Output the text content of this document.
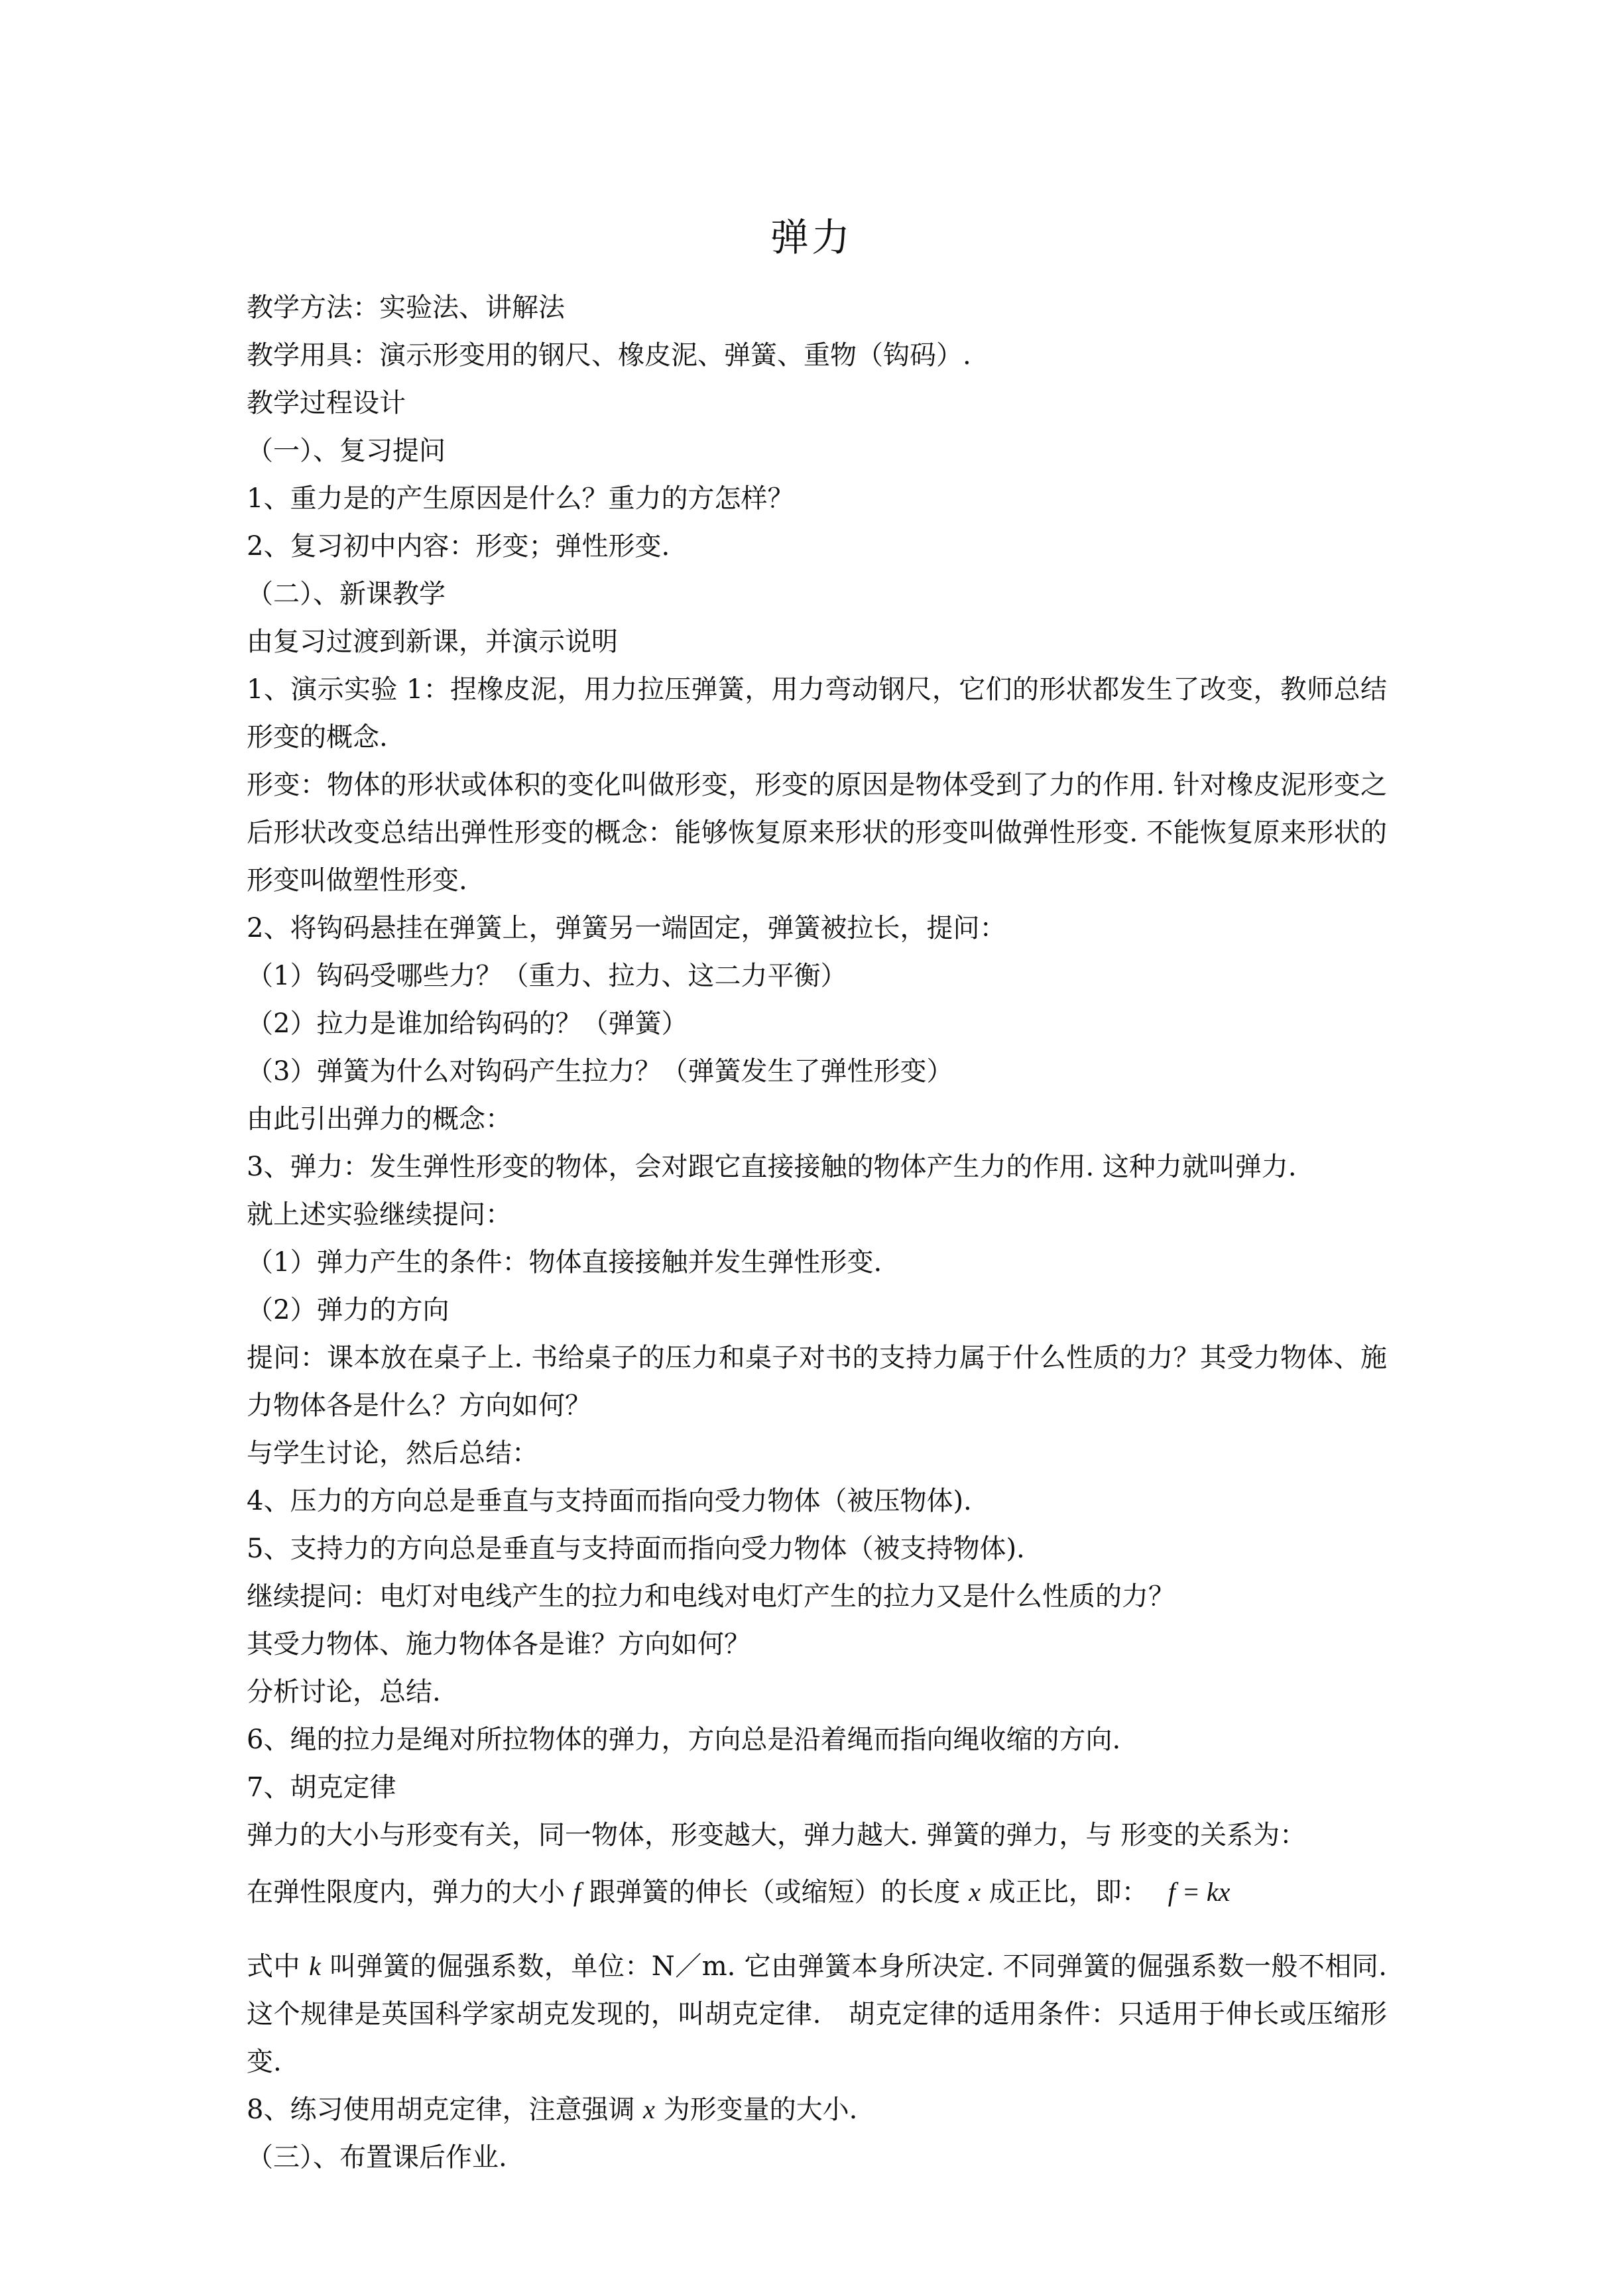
弹力
教学方法：实验法、讲解法
教学用具：演示形变用的钢尺、橡皮泥、弹簧、重物（钩码）.
教学过程设计
（一）、复习提问
1、重力是的产生原因是什么？重力的方怎样？
2、复习初中内容：形变；弹性形变.
（二）、新课教学
由复习过渡到新课，并演示说明
1、演示实验 1：捏橡皮泥，用力拉压弹簧，用力弯动钢尺，它们的形状都发生了改变，教师总结形变的概念.
形变：物体的形状或体积的变化叫做形变，形变的原因是物体受到了力的作用. 针对橡皮泥形变之后形状改变总结出弹性形变的概念：能够恢复原来形状的形变叫做弹性形变. 不能恢复原来形状的形变叫做塑性形变.
2、将钩码悬挂在弹簧上，弹簧另一端固定，弹簧被拉长，提问：
（1）钩码受哪些力？（重力、拉力、这二力平衡）
（2）拉力是谁加给钩码的？（弹簧）
（3）弹簧为什么对钩码产生拉力？（弹簧发生了弹性形变）
由此引出弹力的概念：
3、弹力：发生弹性形变的物体，会对跟它直接接触的物体产生力的作用. 这种力就叫弹力.
就上述实验继续提问：
（1）弹力产生的条件：物体直接接触并发生弹性形变.
（2）弹力的方向
提问：课本放在桌子上. 书给桌子的压力和桌子对书的支持力属于什么性质的力？其受力物体、施力物体各是什么？方向如何？
与学生讨论，然后总结：
4、压力的方向总是垂直与支持面而指向受力物体（被压物体).
5、支持力的方向总是垂直与支持面而指向受力物体（被支持物体).
继续提问：电灯对电线产生的拉力和电线对电灯产生的拉力又是什么性质的力？
其受力物体、施力物体各是谁？方向如何？
分析讨论，总结.
6、绳的拉力是绳对所拉物体的弹力，方向总是沿着绳而指向绳收缩的方向.
7、胡克定律
弹力的大小与形变有关，同一物体，形变越大，弹力越大. 弹簧的弹力，与 形变的关系为：
在弹性限度内，弹力的大小 f 跟弹簧的伸长（或缩短）的长度 x 成正比，即： f = kx
式中 k 叫弹簧的倔强系数，单位：N／m. 它由弹簧本身所决定. 不同弹簧的倔强系数一般不相同. 这个规律是英国科学家胡克发现的，叫胡克定律.　胡克定律的适用条件：只适用于伸长或压缩形变.
8、练习使用胡克定律，注意强调 x 为形变量的大小.
（三）、布置课后作业.
